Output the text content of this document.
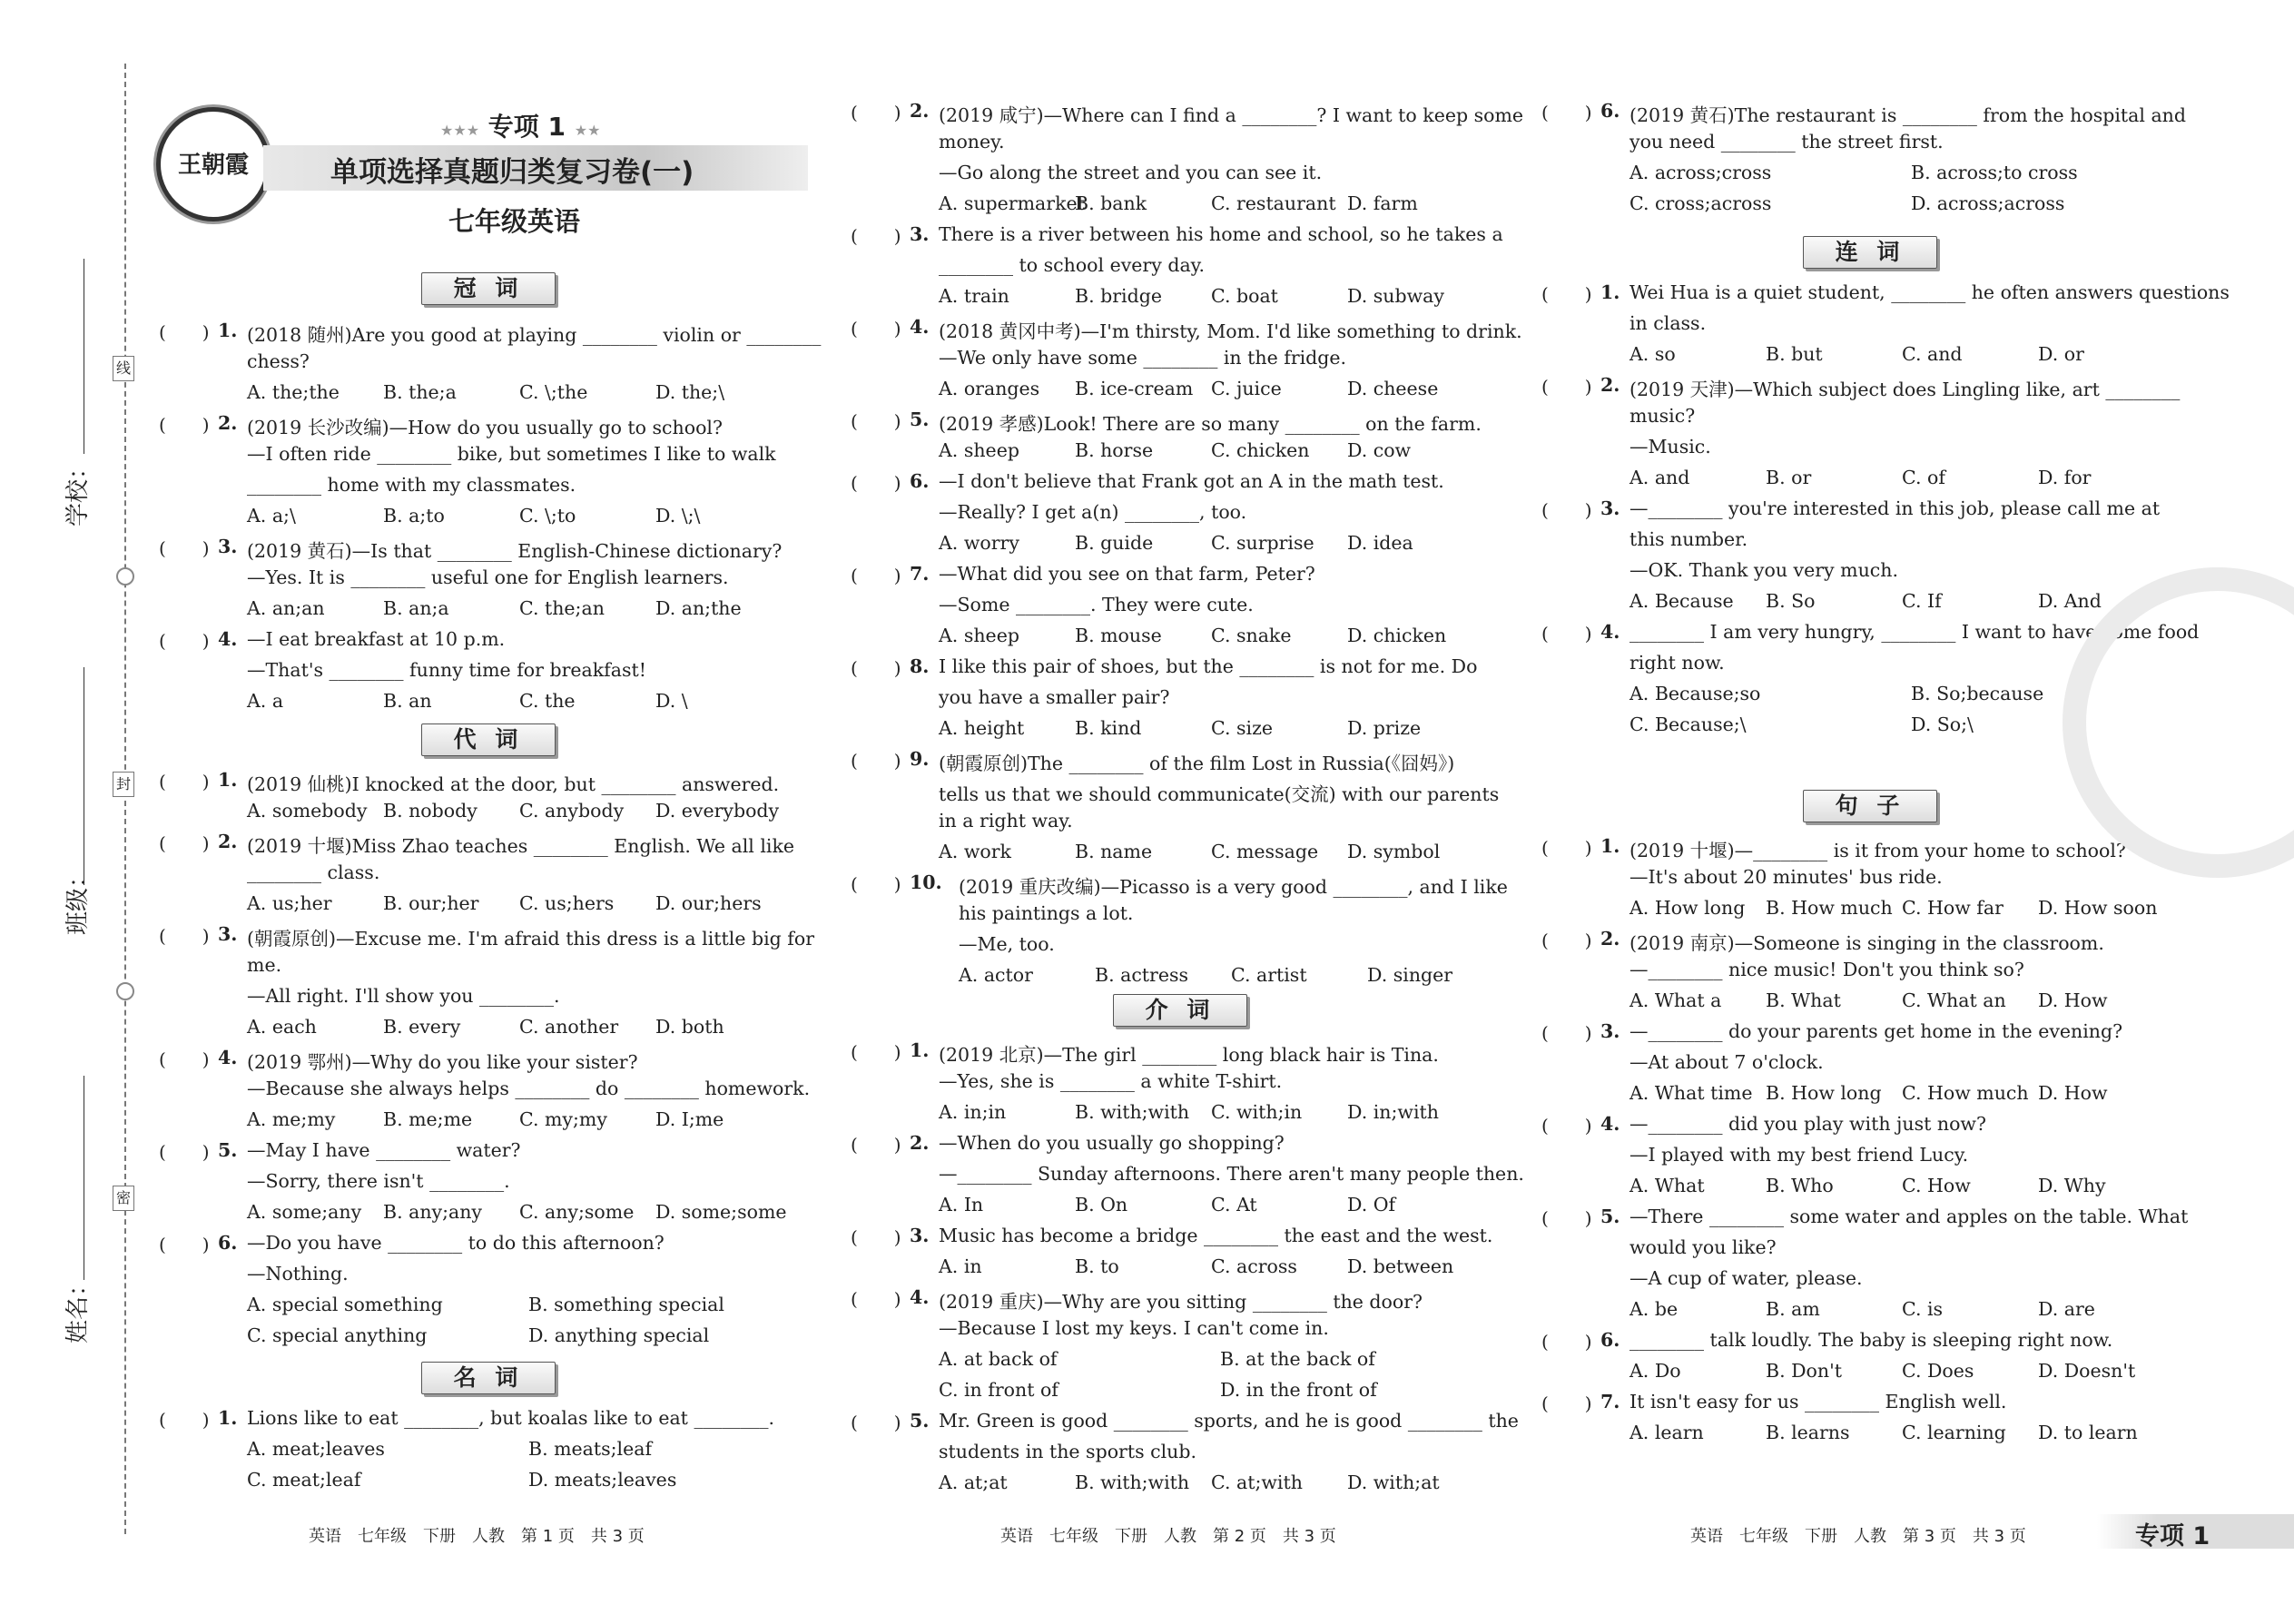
线
封
密
学校：
班级：
姓名：
王朝霞
★★★ 专项 1 ★★
单项选择真题归类复习卷(一)
七年级英语
冠 词
代 词
名 词
介 词
连 词
句 子
(　　) 1. (2018 随州)Are you good at playing ________ violin or ________
chess?
A. the;the B. the;a	C. \;the	D. the;\
(　　) 2. (2019 长沙改编)—How do you usually go to school?
—I often ride ________ bike, but sometimes I like to walk
________ home with my classmates.
A. a;\	B. a;to	C. \;to	D. \;\
(　　) 3. (2019 黄石)—Is that ________ English-Chinese dictionary?
—Yes. It is ________ useful one for English learners.
A. an;an	B. an;a	C. the;an	D. an;the
(　　) 4. —I eat breakfast at 10 p.m.
—That's ________ funny time for breakfast!
A. a	B. an	C. the	D. \
(　　) 1. (2019 仙桃)I knocked at the door, but ________ answered.
A. somebody B. nobody C. anybody D. everybody
(　　) 2. (2019 十堰)Miss Zhao teaches ________ English. We all like
________ class.
A. us;her	B. our;her C. us;hers D. our;hers
(　　) 3. (朝霞原创)—Excuse me. I'm afraid this dress is a little big for
me.
—All right. I'll show you ________.
A. each	B. every	C. another D. both
(　　) 4. (2019 鄂州)—Why do you like your sister?
—Because she always helps ________ do ________ homework.
A. me;my	B. me;me	C. my;my	D. I;me
(　　) 5. —May I have ________ water?
—Sorry, there isn't ________.
A. some;any B. any;any C. any;some D. some;some
(　　) 6. —Do you have ________ to do this afternoon?
—Nothing.
A. special something	B. something special
C. special anything	D. anything special
(　　) 1. Lions like to eat ________, but koalas like to eat ________.
A. meat;leaves	B. meats;leaf
C. meat;leaf	D. meats;leaves
(　　) 2. (2019 咸宁)—Where can I find a ________? I want to keep some
money.
—Go along the street and you can see it.
A. supermarket
B. bank	C. restaurant D. farm
(　　) 3. There is a river between his home and school, so he takes a
________ to school every day.
A. train	B. bridge	C. boat	D. subway
(　　) 4. (2018 黄冈中考)—I'm thirsty, Mom. I'd like something to drink.
—We only have some ________ in the fridge.
A. oranges B. ice-cream C. juice	D. cheese
(　　) 5. (2019 孝感)Look! There are so many ________ on the farm.
A. sheep	B. horse	C. chicken D. cow
(　　) 6. —I don't believe that Frank got an A in the math test.
—Really? I get a(n) ________, too.
A. worry	B. guide	C. surprise D. idea
(　　) 7. —What did you see on that farm, Peter?
—Some ________. They were cute.
A. sheep	B. mouse	C. snake	D. chicken
(　　) 8. I like this pair of shoes, but the ________ is not for me. Do
you have a smaller pair?
A. height	B. kind	C. size	D. prize
(　　) 9. (朝霞原创)The ________ of the film Lost in Russia(《囧妈》)
tells us that we should communicate(交流) with our parents
in a right way.
A. work	B. name	C. message D. symbol
(　　) 10. (2019 重庆改编)—Picasso is a very good ________, and I like
his paintings a lot.
—Me, too.
A. actor	B. actress C. artist	D. singer
(　　) 1. (2019 北京)—The girl ________ long black hair is Tina.
—Yes, she is ________ a white T-shirt.
A. in;in	B. with;with C. with;in D. in;with
(　　) 2. —When do you usually go shopping?
—________ Sunday afternoons. There aren't many people then.
A. In	B. On	C. At	D. Of
(　　) 3. Music has become a bridge ________ the east and the west.
A. in	B. to	C. across	D. between
(　　) 4. (2019 重庆)—Why are you sitting ________ the door?
—Because I lost my keys. I can't come in.
A. at back of	B. at the back of
C. in front of	D. in the front of
(　　) 5. Mr. Green is good ________ sports, and he is good ________ the
students in the sports club.
A. at;at	B. with;with C. at;with D. with;at
(　　) 6. (2019 黄石)The restaurant is ________ from the hospital and
you need ________ the street first.
A. across;cross	B. across;to cross
C. cross;across	D. across;across
(　　) 1. Wei Hua is a quiet student, ________ he often answers questions
in class.
A. so	B. but	C. and	D. or
(　　) 2. (2019 天津)—Which subject does Lingling like, art ________
music?
—Music.
A. and	B. or	C. of	D. for
(　　) 3. —________ you're interested in this job, please call me at
this number.
—OK. Thank you very much.
A. Because B. So	C. If	D. And
(　　) 4. ________ I am very hungry, ________ I want to have some food
right now.
A. Because;so	B. So;because
C. Because;\	D. So;\
(　　) 1. (2019 十堰)—________ is it from your home to school?
—It's about 20 minutes' bus ride.
A. How long B. How much C. How far D. How soon
(　　) 2. (2019 南京)—Someone is singing in the classroom.
—________ nice music! Don't you think so?
A. What a B. What	C. What an D. How
(　　) 3. —________ do your parents get home in the evening?
—At about 7 o'clock.
A. What time B. How long C. How much D. How
(　　) 4. —________ did you play with just now?
—I played with my best friend Lucy.
A. What	B. Who	C. How	D. Why
(　　) 5. —There ________ some water and apples on the table. What
would you like?
—A cup of water, please.
A. be	B. am	C. is	D. are
(　　) 6. ________ talk loudly. The baby is sleeping right now.
A. Do	B. Don't	C. Does	D. Doesn't
(　　) 7. It isn't easy for us ________ English well.
A. learn	B. learns	C. learning D. to learn
英语　七年级　下册　人教　第 1 页　共 3 页	英语　七年级　下册　人教　第 2 页　共 3 页	英语　七年级　下册　人教　第 3 页　共 3 页	专项 1
